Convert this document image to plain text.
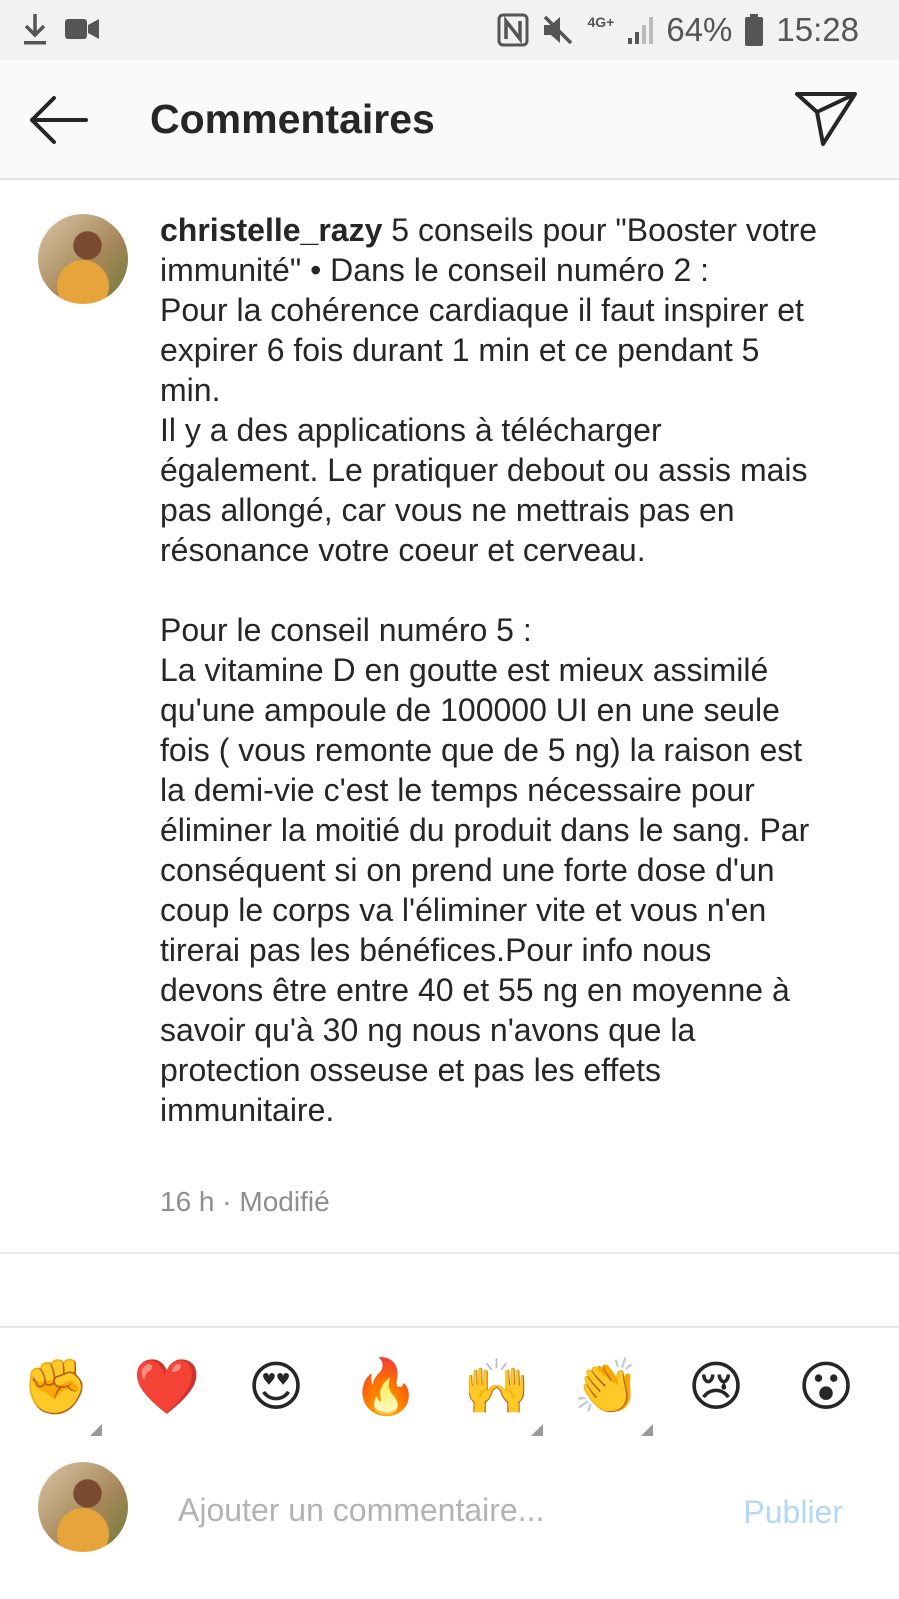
4G+ 64% 15:28
Commentaires
christelle_razy 5 conseils pour "Booster votre immunité" • Dans le conseil numéro 2 :
Pour la cohérence cardiaque il faut inspirer et expirer 6 fois durant 1 min et ce pendant 5 min.
Il y a des applications à télécharger également. Le pratiquer debout ou assis mais pas allongé, car vous ne mettrais pas en résonance votre coeur et cerveau.

Pour le conseil numéro 5 :
La vitamine D en goutte est mieux assimilé qu'une ampoule de 100000 UI en une seule fois ( vous remonte que de 5 ng) la raison est la demi-vie c'est le temps nécessaire pour éliminer la moitié du produit dans le sang. Par conséquent si on prend une forte dose d'un coup le corps va l'éliminer vite et vous n'en tirerai pas les bénéfices.Pour info nous devons être entre 40 et 55 ng en moyenne à savoir qu'à 30 ng nous n'avons que la protection osseuse et pas les effets immunitaire.
16 h · Modifié
✊ ❤️ 😍 🔥 🙌 👏 😢 😮
Ajouter un commentaire...
Publier
